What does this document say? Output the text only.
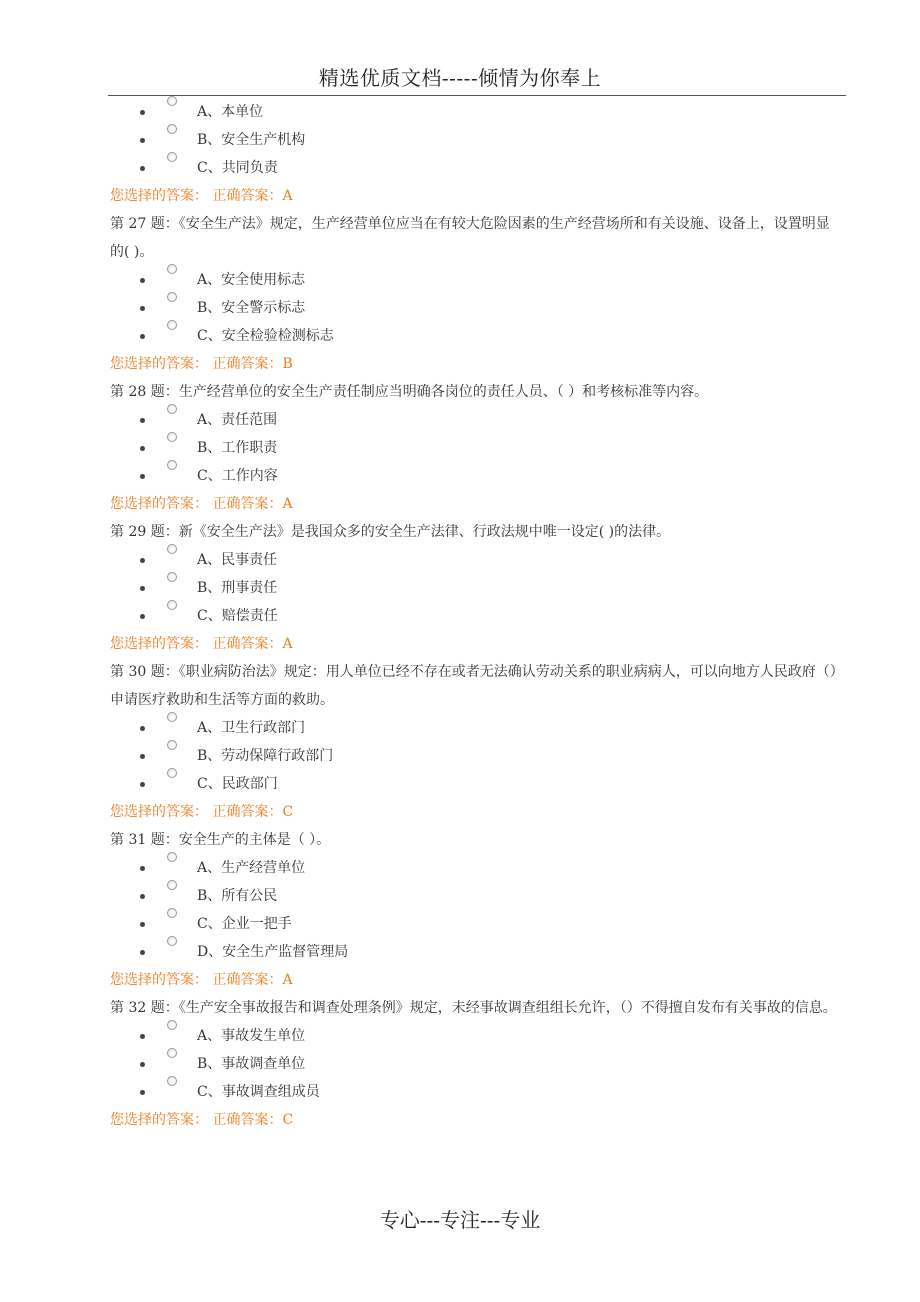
精选优质文档-----倾情为你奉上
A、本单位
B、安全生产机构
C、共同负责

您选择的答案： 正确答案：A

第 27 题：《安全生产法》规定，生产经营单位应当在有较大危险因素的生产经营场所和有关设施、设备上，设置明显的( )。

A、安全使用标志
B、安全警示标志
C、安全检验检测标志

您选择的答案： 正确答案：B

第 28 题：生产经营单位的安全生产责任制应当明确各岗位的责任人员、（ ）和考核标准等内容。

A、责任范围
B、工作职责
C、工作内容

您选择的答案： 正确答案：A

第 29 题：新《安全生产法》是我国众多的安全生产法律、行政法规中唯一设定( )的法律。

A、民事责任
B、刑事责任
C、赔偿责任

您选择的答案： 正确答案：A

第 30 题：《职业病防治法》规定：用人单位已经不存在或者无法确认劳动关系的职业病病人，可以向地方人民政府（）申请医疗救助和生活等方面的救助。

A、卫生行政部门
B、劳动保障行政部门
C、民政部门

您选择的答案： 正确答案：C

第 31 题：安全生产的主体是（ ）。

A、生产经营单位
B、所有公民
C、企业一把手
D、安全生产监督管理局

您选择的答案： 正确答案：A

第 32 题：《生产安全事故报告和调查处理条例》规定，未经事故调查组组长允许，（）不得擅自发布有关事故的信息。

A、事故发生单位
B、事故调查单位
C、事故调查组成员

您选择的答案： 正确答案：C

专心---专注---专业
